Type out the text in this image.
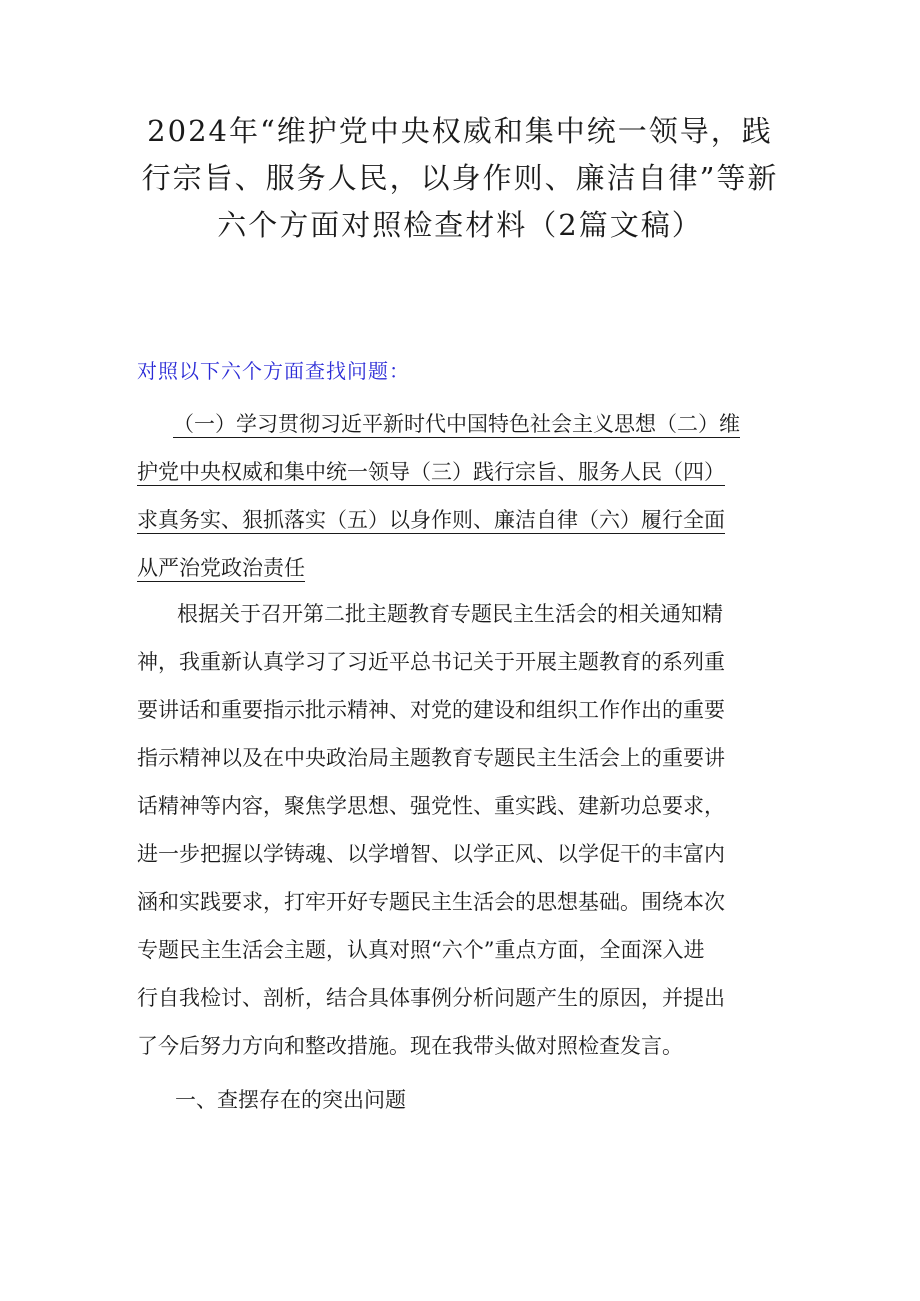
2024年“维护党中央权威和集中统一领导，践
行宗旨、服务人民，以身作则、廉洁自律”等新
六个方面对照检查材料（2篇文稿）
对照以下六个方面查找问题：
（一）学习贯彻习近平新时代中国特色社会主义思想（二）维
护党中央权威和集中统一领导（三）践行宗旨、服务人民（四）
求真务实、狠抓落实（五）以身作则、廉洁自律（六）履行全面
从严治党政治责任
根据关于召开第二批主题教育专题民主生活会的相关通知精
神，我重新认真学习了习近平总书记关于开展主题教育的系列重
要讲话和重要指示批示精神、对党的建设和组织工作作出的重要
指示精神以及在中央政治局主题教育专题民主生活会上的重要讲
话精神等内容，聚焦学思想、强党性、重实践、建新功总要求，
进一步把握以学铸魂、以学增智、以学正风、以学促干的丰富内
涵和实践要求，打牢开好专题民主生活会的思想基础。围绕本次
专题民主生活会主题，认真对照“六个”重点方面，全面深入进
行自我检讨、剖析，结合具体事例分析问题产生的原因，并提出
了今后努力方向和整改措施。现在我带头做对照检查发言。
一、查摆存在的突出问题
